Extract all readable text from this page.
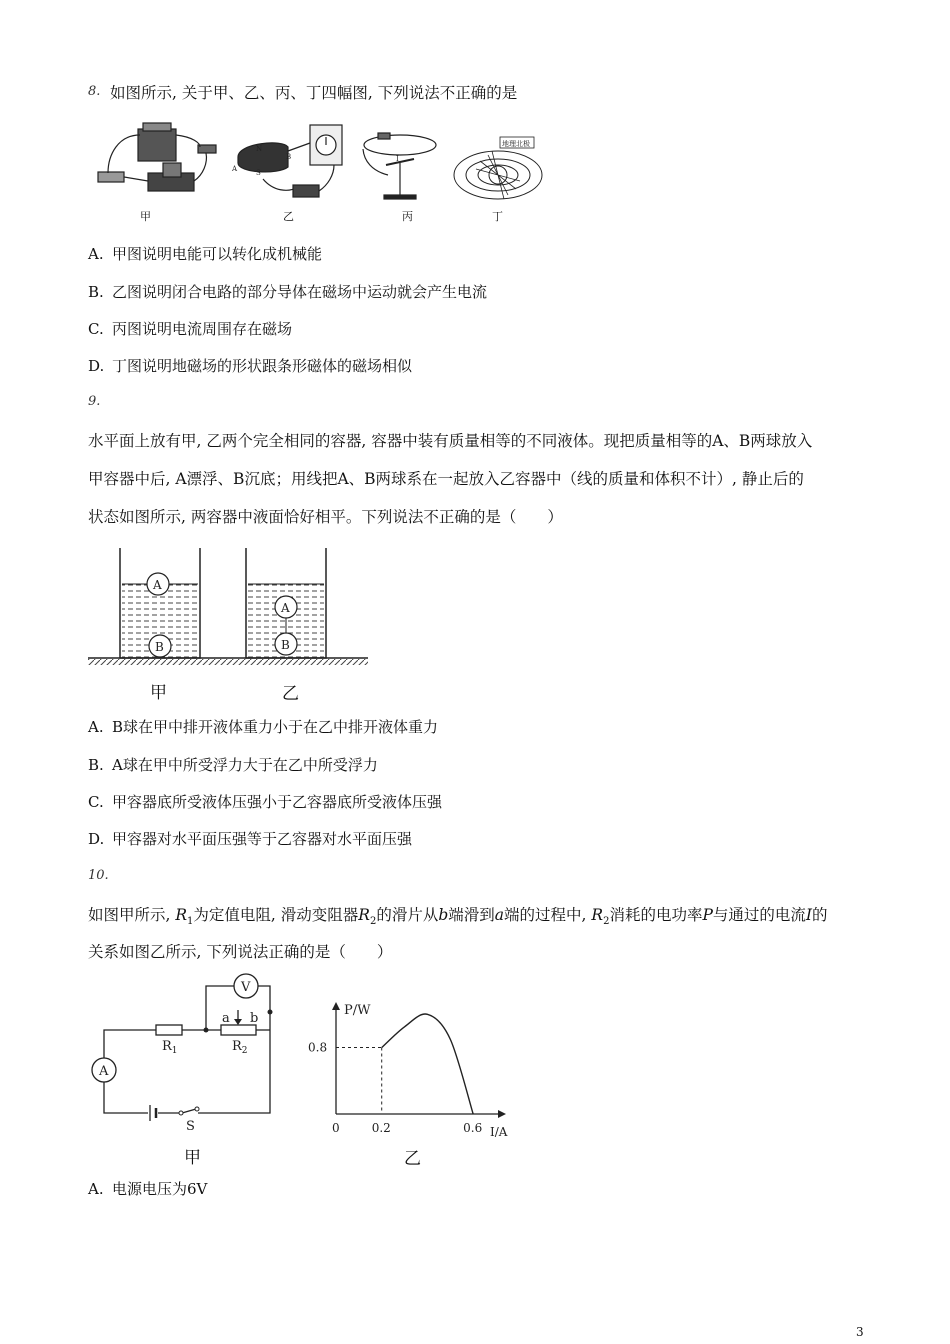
8. 如图所示, 关于甲、乙、丙、丁四幅图, 下列说法不正确的是
N
S
A
B	I
地理北极
甲	乙	丙	丁
A. 甲图说明电能可以转化成机械能
B. 乙图说明闭合电路的部分导体在磁场中运动就会产生电流
C. 丙图说明电流周围存在磁场
D. 丁图说明地磁场的形状跟条形磁体的磁场相似
9.
水平面上放有甲, 乙两个完全相同的容器, 容器中装有质量相等的不同液体。现把质量相等的A、B两球放入
甲容器中后, A漂浮、B沉底；用线把A、B两球系在一起放入乙容器中（线的质量和体积不计）, 静止后的
状态如图所示, 两容器中液面恰好相平。下列说法不正确的是（　　）
A
B
A
B
甲	乙
A. B球在甲中排开液体重力小于在乙中排开液体重力
B. A球在甲中所受浮力大于在乙中所受浮力
C. 甲容器底所受液体压强小于乙容器底所受液体压强
D. 甲容器对水平面压强等于乙容器对水平面压强
10.
如图甲所示, $R_1$为定值电阻, 滑动变阻器$R_2$的滑片从b端滑到a端的过程中, $R_2$消耗的电功率P与通过的电流I的
关系如图乙所示, 下列说法正确的是（　　）
V
A
a b
$R_1$	$R_2$
S
甲
P/W
I/A
0	0.2	0.6
0.8
乙
A. 电源电压为6V
3
